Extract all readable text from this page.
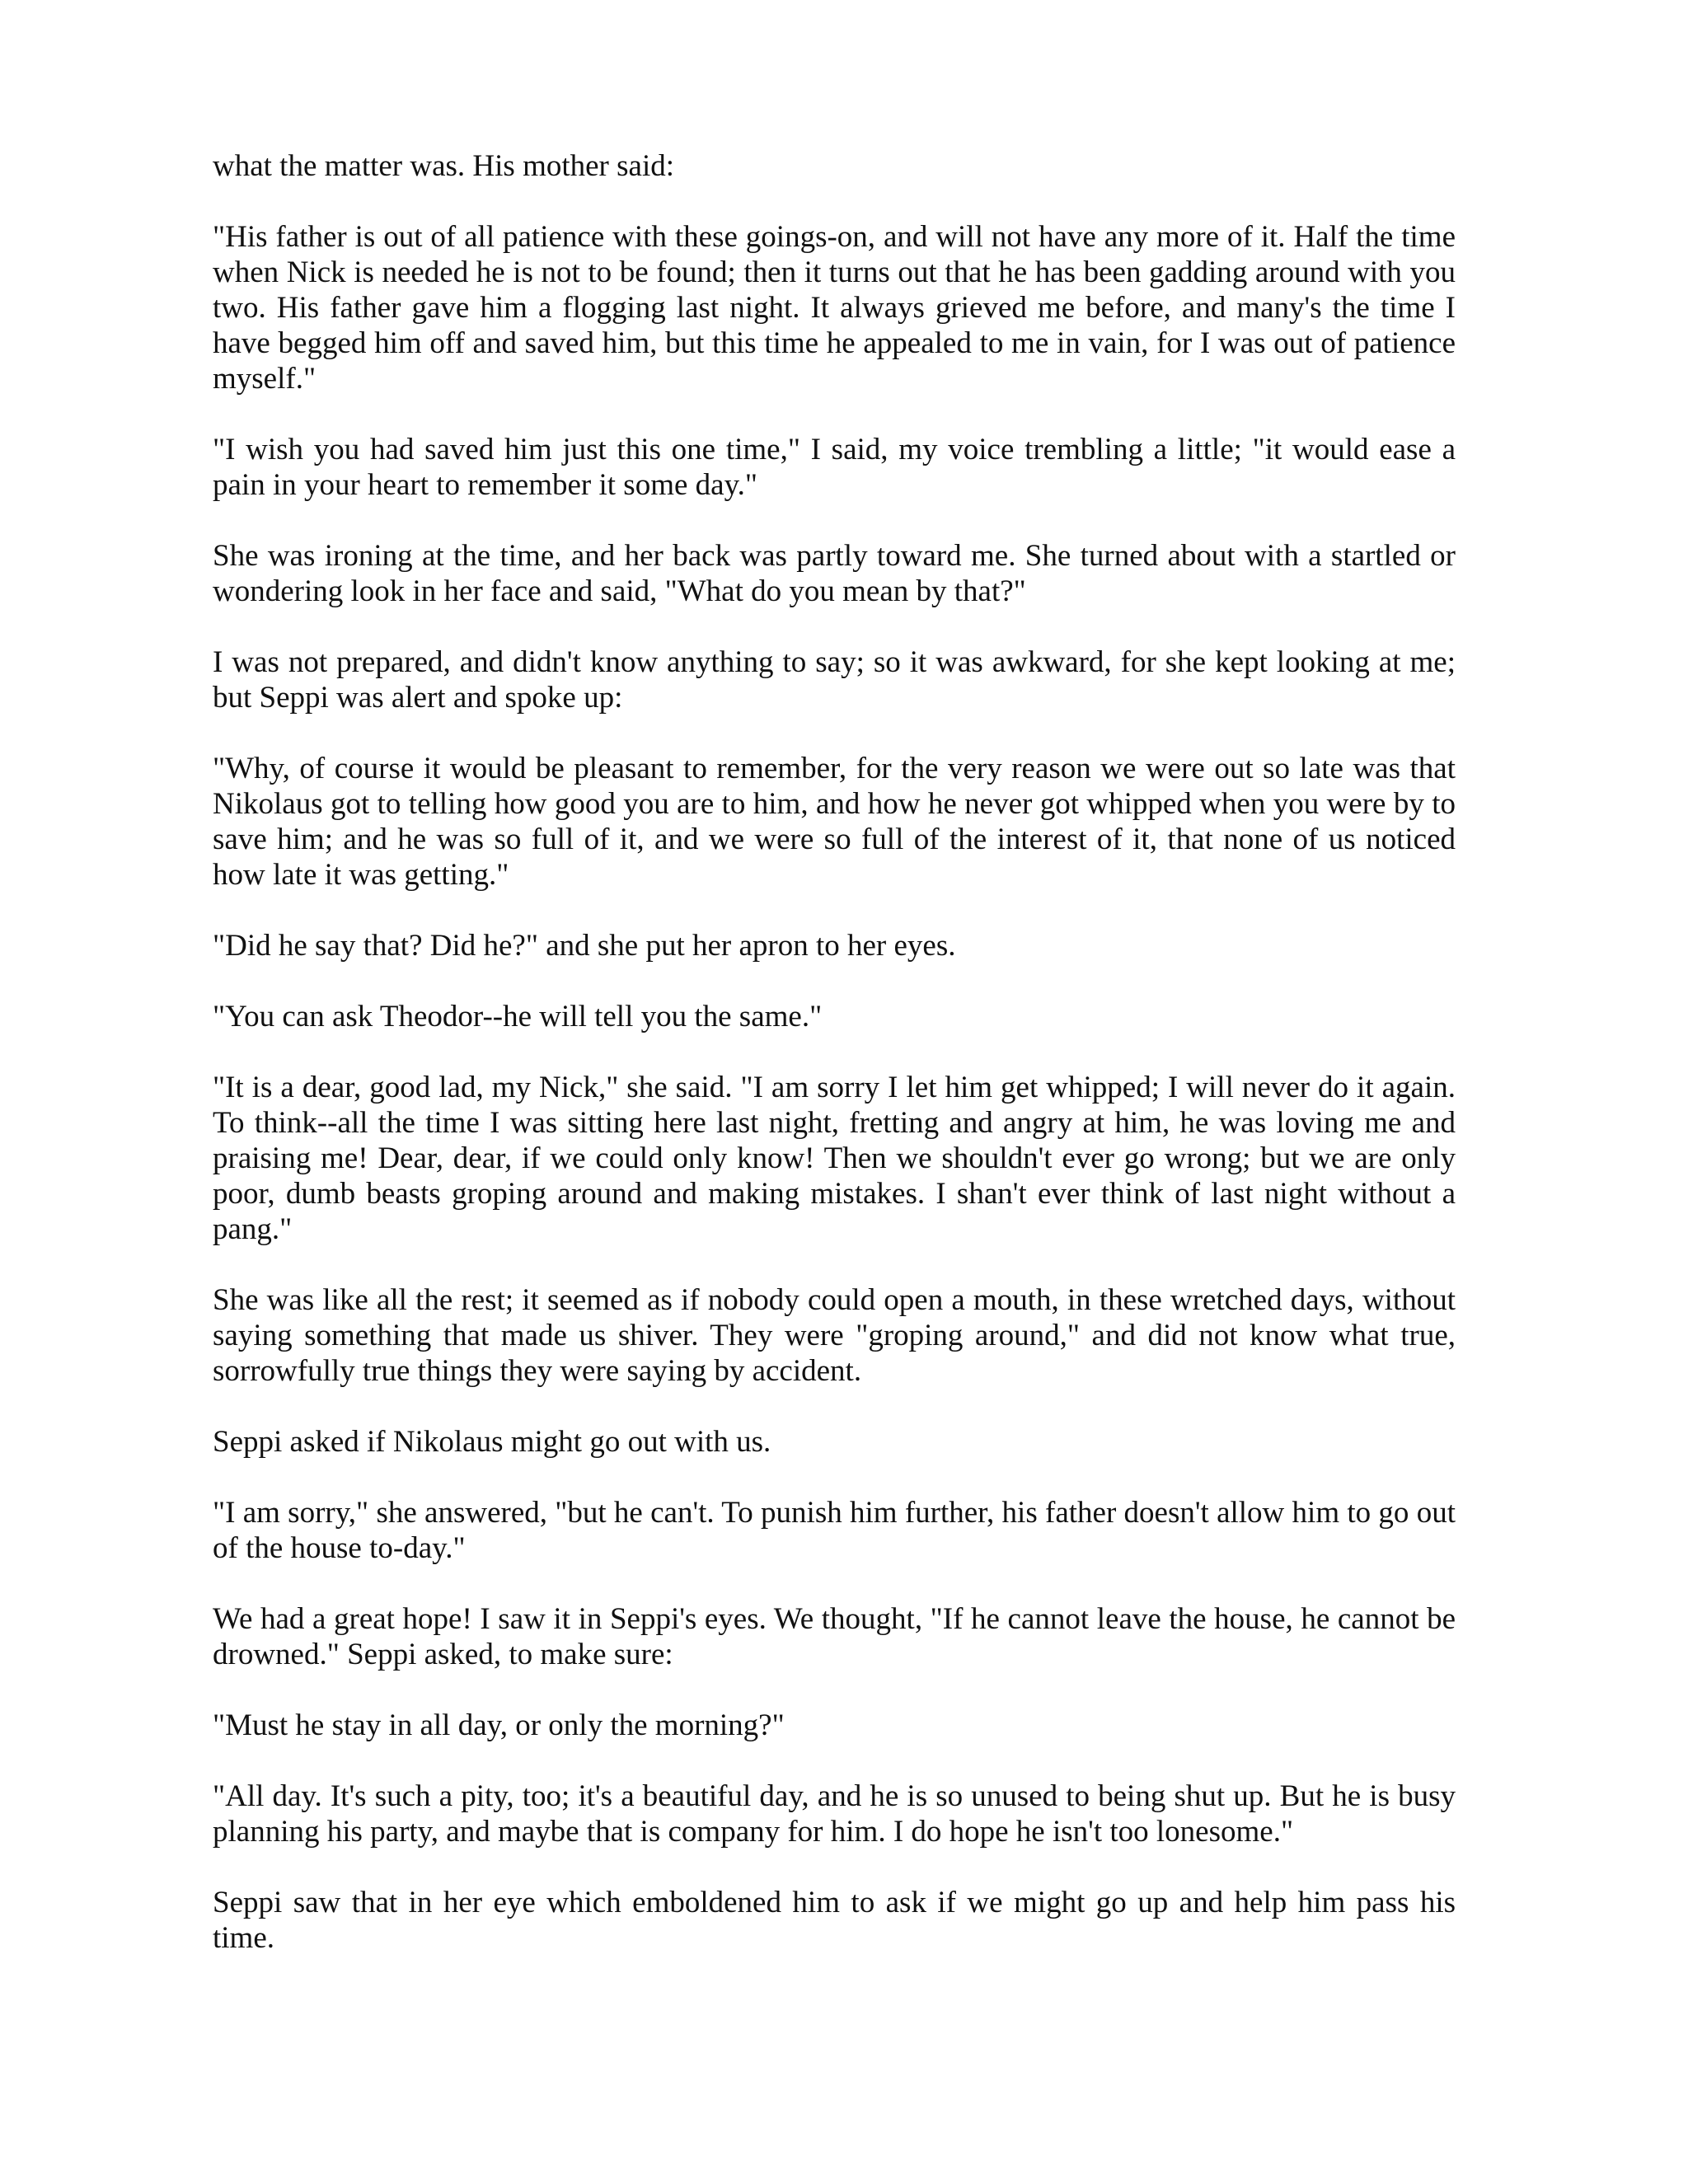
what the matter was. His mother said:

"His father is out of all patience with these goings-on, and will not have any more of it. Half the time when Nick is needed he is not to be found; then it turns out that he has been gadding around with you two. His father gave him a flogging last night. It always grieved me before, and many's the time I have begged him off and saved him, but this time he appealed to me in vain, for I was out of patience myself."

"I wish you had saved him just this one time," I said, my voice trembling a little; "it would ease a pain in your heart to remember it some day."

She was ironing at the time, and her back was partly toward me. She turned about with a startled or wondering look in her face and said, "What do you mean by that?"

I was not prepared, and didn't know anything to say; so it was awkward, for she kept looking at me; but Seppi was alert and spoke up:

"Why, of course it would be pleasant to remember, for the very reason we were out so late was that Nikolaus got to telling how good you are to him, and how he never got whipped when you were by to save him; and he was so full of it, and we were so full of the interest of it, that none of us noticed how late it was getting."

"Did he say that? Did he?" and she put her apron to her eyes.

"You can ask Theodor--he will tell you the same."

"It is a dear, good lad, my Nick," she said. "I am sorry I let him get whipped; I will never do it again. To think--all the time I was sitting here last night, fretting and angry at him, he was loving me and praising me! Dear, dear, if we could only know! Then we shouldn't ever go wrong; but we are only poor, dumb beasts groping around and making mistakes. I shan't ever think of last night without a pang."

She was like all the rest; it seemed as if nobody could open a mouth, in these wretched days, without saying something that made us shiver. They were "groping around," and did not know what true, sorrowfully true things they were saying by accident.

Seppi asked if Nikolaus might go out with us.

"I am sorry," she answered, "but he can't. To punish him further, his father doesn't allow him to go out of the house to-day."

We had a great hope! I saw it in Seppi's eyes. We thought, "If he cannot leave the house, he cannot be drowned." Seppi asked, to make sure:

"Must he stay in all day, or only the morning?"

"All day. It's such a pity, too; it's a beautiful day, and he is so unused to being shut up. But he is busy planning his party, and maybe that is company for him. I do hope he isn't too lonesome."

Seppi saw that in her eye which emboldened him to ask if we might go up and help him pass his time.
